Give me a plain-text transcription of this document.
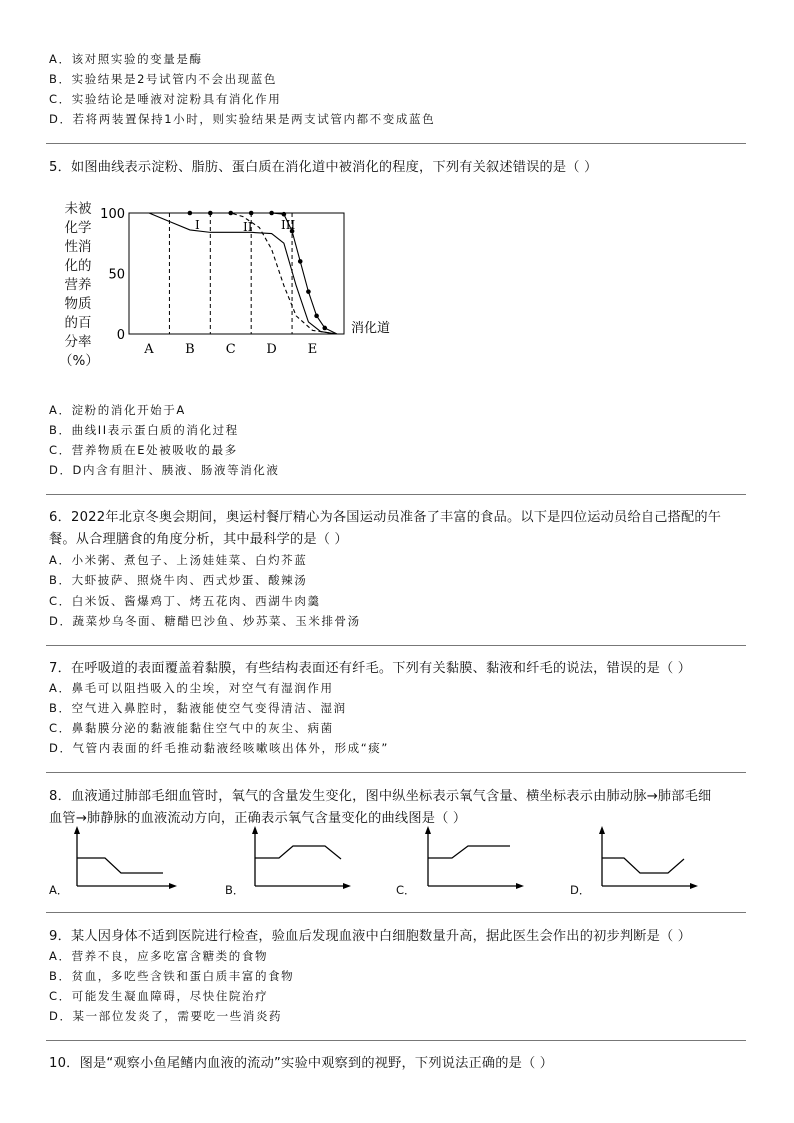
A．该对照实验的变量是酶
B．实验结果是2号试管内不会出现蓝色
C．实验结论是唾液对淀粉具有消化作用
D．若将两装置保持1小时，则实验结果是两支试管内都不变成蓝色
5．如图曲线表示淀粉、脂肪、蛋白质在消化道中被消化的程度，下列有关叙述错误的是（ ）
未被化学性消化的营养物质的百分率（%）
100
50
0
A B C D E
消化道
I	II III
A．淀粉的消化开始于A
B．曲线II表示蛋白质的消化过程
C．营养物质在E处被吸收的最多
D．D内含有胆汁、胰液、肠液等消化液
6．2022年北京冬奥会期间，奥运村餐厅精心为各国运动员准备了丰富的食品。以下是四位运动员给自己搭配的午
餐。从合理膳食的角度分析，其中最科学的是（ ）
A．小米粥、煮包子、上汤娃娃菜、白灼芥蓝
B．大虾披萨、照烧牛肉、西式炒蛋、酸辣汤
C．白米饭、酱爆鸡丁、烤五花肉、西湖牛肉羹
D．蔬菜炒乌冬面、糖醋巴沙鱼、炒苏菜、玉米排骨汤
7．在呼吸道的表面覆盖着黏膜，有些结构表面还有纤毛。下列有关黏膜、黏液和纤毛的说法，错误的是（ ）
A．鼻毛可以阻挡吸入的尘埃，对空气有湿润作用
B．空气进入鼻腔时，黏液能使空气变得清洁、湿润
C．鼻黏膜分泌的黏液能黏住空气中的灰尘、病菌
D．气管内表面的纤毛推动黏液经咳嗽咳出体外，形成“痰”
8．血液通过肺部毛细血管时，氧气的含量发生变化，图中纵坐标表示氧气含量、横坐标表示由肺动脉→肺部毛细
血管→肺静脉的血液流动方向，正确表示氧气含量变化的曲线图是（ ）
A．	B．	C．	D．
9．某人因身体不适到医院进行检查，验血后发现血液中白细胞数量升高，据此医生会作出的初步判断是（ ）
A．营养不良，应多吃富含糖类的食物
B．贫血，多吃些含铁和蛋白质丰富的食物
C．可能发生凝血障碍，尽快住院治疗
D．某一部位发炎了，需要吃一些消炎药
10．图是“观察小鱼尾鳍内血液的流动”实验中观察到的视野，下列说法正确的是（ ）
